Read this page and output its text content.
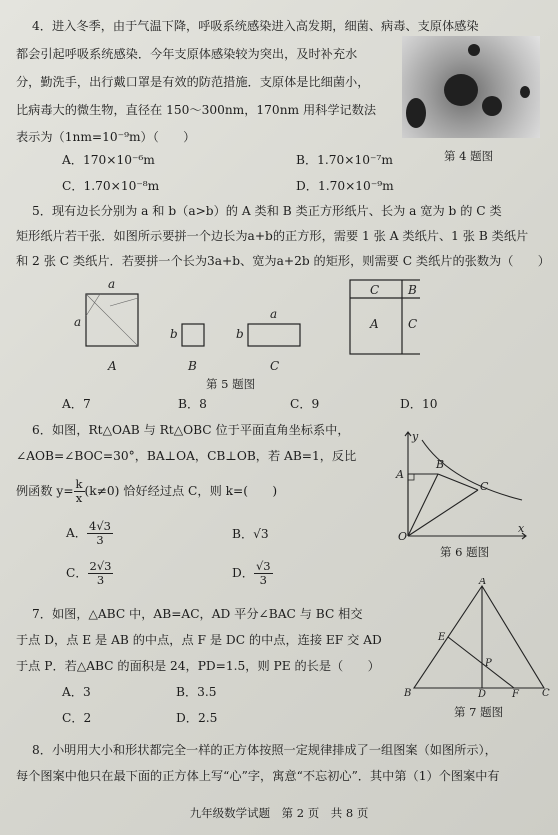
4．进入冬季，由于气温下降，呼吸系统感染进入高发期，细菌、病毒、支原体感染
都会引起呼吸系统感染．今年支原体感染较为突出，及时补充水
分，勤洗手，出行戴口罩是有效的防范措施．支原体是比细菌小，
比病毒大的微生物，直径在 150～300nm，170nm 用科学记数法
表示为（1nm=10⁻⁹m）（　　）
A．170×10⁻⁶m	B．1.70×10⁻⁷m
C．1.70×10⁻⁸m	D．1.70×10⁻⁹m
第 4 题图
5．现有边长分别为 a 和 b（a>b）的 A 类和 B 类正方形纸片、长为 a 宽为 b 的 C 类
矩形纸片若干张．如图所示要拼一个边长为a+b的正方形，需要 1 张 A 类纸片、1 张 B 类纸片
和 2 张 C 类纸片．若要拼一个长为3a+b、宽为a+2b 的矩形，则需要 C 类纸片的张数为（　　）
a
a
b	b
a
C B
A C
A	B	C
第 5 题图
A．7	B．8	C．9	D．10
6．如图，Rt△OAB 与 Rt△OBC 位于平面直角坐标系中，
∠AOB=∠BOC=30°，BA⊥OA，CB⊥OB，若 AB=1，反比
例函数 $y= \frac{k}{x} (k\ne 0)$ 恰好经过点 C，则 k=(　　)
A． $\frac{4√3}{3}$	B．√3
C． $\frac{2√3}{3}$	D． $\frac{√3}{3}$
y
x
A
B
C
O
第 6 题图
7．如图，△ABC 中，AB=AC，AD 平分∠BAC 与 BC 相交
于点 D，点 E 是 AB 的中点，点 F 是 DC 的中点，连接 EF 交 AD
于点 P．若△ABC 的面积是 24，PD=1.5，则 PE 的长是（　　）
A．3	B．3.5
C．2	D．2.5
A
B	C
D
E
F
P
第 7 题图
8．小明用大小和形状都完全一样的正方体按照一定规律排成了一组图案（如图所示），
每个图案中他只在最下面的正方体上写“心”字，寓意“不忘初心”．其中第（1）个图案中有
九年级数学试题　第 2 页　共 8 页
